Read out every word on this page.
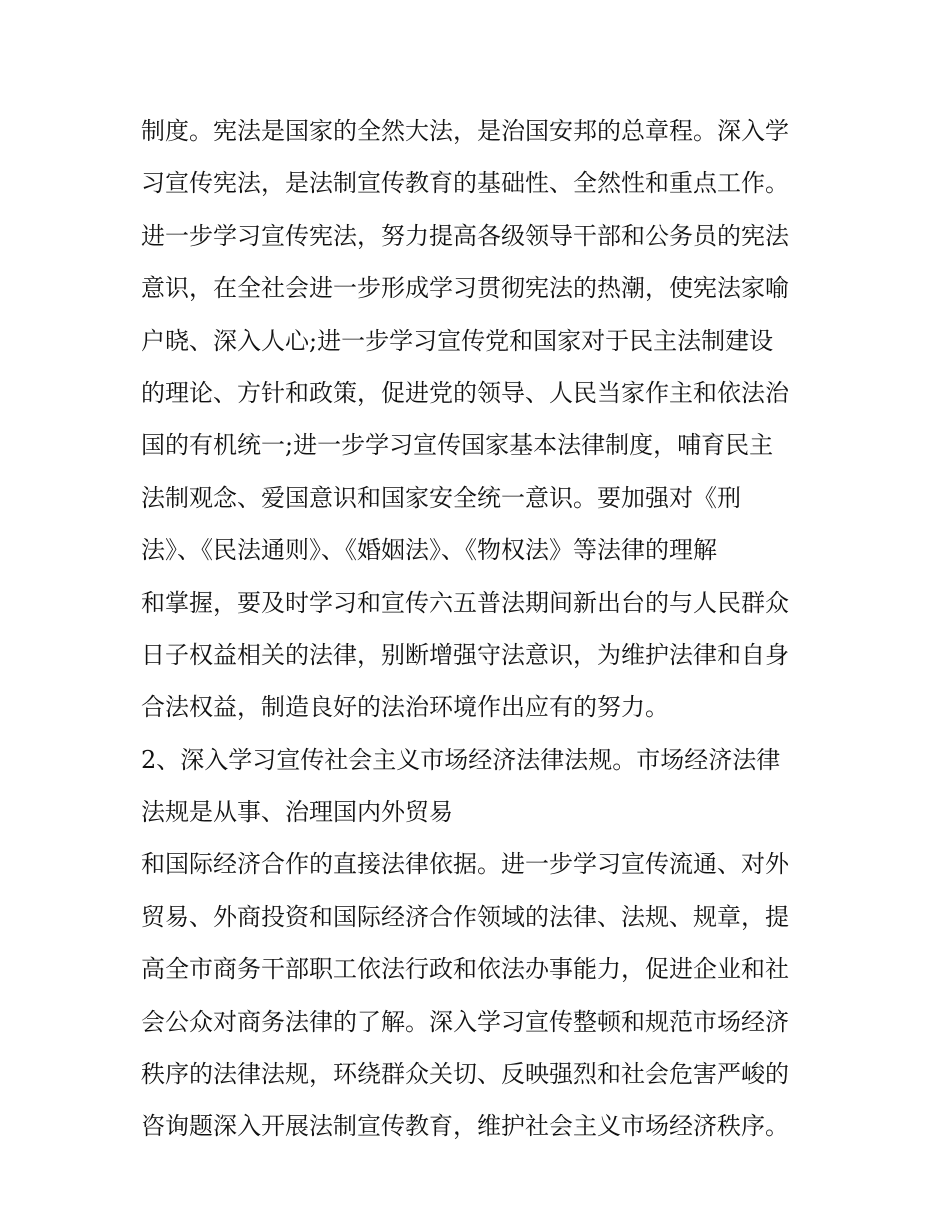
制度。宪法是国家的全然大法，是治国安邦的总章程。深入学
习宣传宪法，是法制宣传教育的基础性、全然性和重点工作。
进一步学习宣传宪法，努力提高各级领导干部和公务员的宪法
意识，在全社会进一步形成学习贯彻宪法的热潮，使宪法家喻
户晓、深入人心;进一步学习宣传党和国家对于民主法制建设
的理论、方针和政策，促进党的领导、人民当家作主和依法治
国的有机统一;进一步学习宣传国家基本法律制度，哺育民主
法制观念、爱国意识和国家安全统一意识。要加强对《刑
法》、《民法通则》、《婚姻法》、《物权法》等法律的理解
和掌握，要及时学习和宣传六五普法期间新出台的与人民群众
日子权益相关的法律，别断增强守法意识，为维护法律和自身
合法权益，制造良好的法治环境作出应有的努力。
2、深入学习宣传社会主义市场经济法律法规。市场经济法律
法规是从事、治理国内外贸易
和国际经济合作的直接法律依据。进一步学习宣传流通、对外
贸易、外商投资和国际经济合作领域的法律、法规、规章，提
高全市商务干部职工依法行政和依法办事能力，促进企业和社
会公众对商务法律的了解。深入学习宣传整顿和规范市场经济
秩序的法律法规，环绕群众关切、反映强烈和社会危害严峻的
咨询题深入开展法制宣传教育，维护社会主义市场经济秩序。
